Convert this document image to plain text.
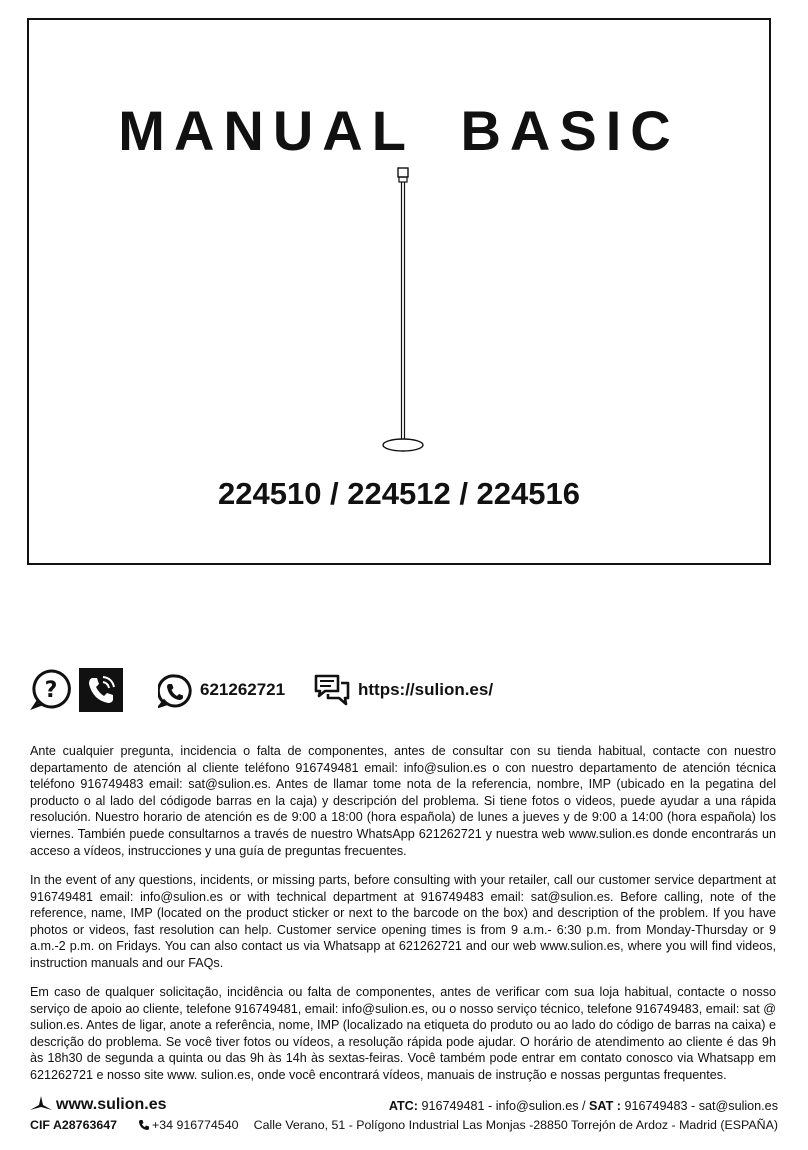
MANUAL BASIC
224510 / 224512 / 224516
?	621262721	https://sulion.es/

Ante cualquier pregunta, incidencia o falta de componentes, antes de consultar con su tienda habitual, contacte con nuestro departamento de atención al cliente teléfono 916749481 email: info@sulion.es o con nuestro departamento de atención técnica teléfono 916749483 email: sat@sulion.es. Antes de llamar tome nota de la referencia, nombre, IMP (ubicado en la pegatina del producto o al lado del códigode barras en la caja) y descripción del problema. Si tiene fotos o videos, puede ayudar a una rápida resolución. Nuestro horario de atención es de 9:00 a 18:00 (hora española) de lunes a jueves y de 9:00 a 14:00 (hora española) los viernes. También puede consultarnos a través de nuestro WhatsApp 621262721 y nuestra web www.sulion.es donde encontrarás un acceso a vídeos, instrucciones y una guía de preguntas frecuentes.

In the event of any questions, incidents, or missing parts, before consulting with your retailer, call our customer service department at 916749481 email: info@sulion.es or with technical department at 916749483 email: sat@sulion.es. Before calling, note of the reference, name, IMP (located on the product sticker or next to the barcode on the box) and description of the problem. If you have photos or videos, fast resolution can help. Customer service opening times is from 9 a.m.- 6:30 p.m. from Monday-Thursday or 9 a.m.-2 p.m. on Fridays. You can also contact us via Whatsapp at 621262721 and our web www.sulion.es, where you will find videos, instruction manuals and our FAQs.

Em caso de qualquer solicitação, incidência ou falta de componentes, antes de verificar com sua loja habitual, contacte o nosso serviço de apoio ao cliente, telefone 916749481, email: info@sulion.es, ou o nosso serviço técnico, telefone 916749483, email: sat @ sulion.es. Antes de ligar, anote a referência, nome, IMP (localizado na etiqueta do produto ou ao lado do código de barras na caixa) e descrição do problema. Se você tiver fotos ou vídeos, a resolução rápida pode ajudar. O horário de atendimento ao cliente é das 9h às 18h30 de segunda a quinta ou das 9h às 14h às sextas-feiras. Você também pode entrar em contato conosco via Whatsapp em 621262721 e nosso site www. sulion.es, onde você encontrará vídeos, manuais de instrução e nossas perguntas frequentes.

www.sulion.es	ATC: 916749481 - info@sulion.es / SAT : 916749483 - sat@sulion.es
CIF A28763647	+34 916774540 Calle Verano, 51 - Polígono Industrial Las Monjas -28850 Torrejón de Ardoz - Madrid (ESPAÑA)
